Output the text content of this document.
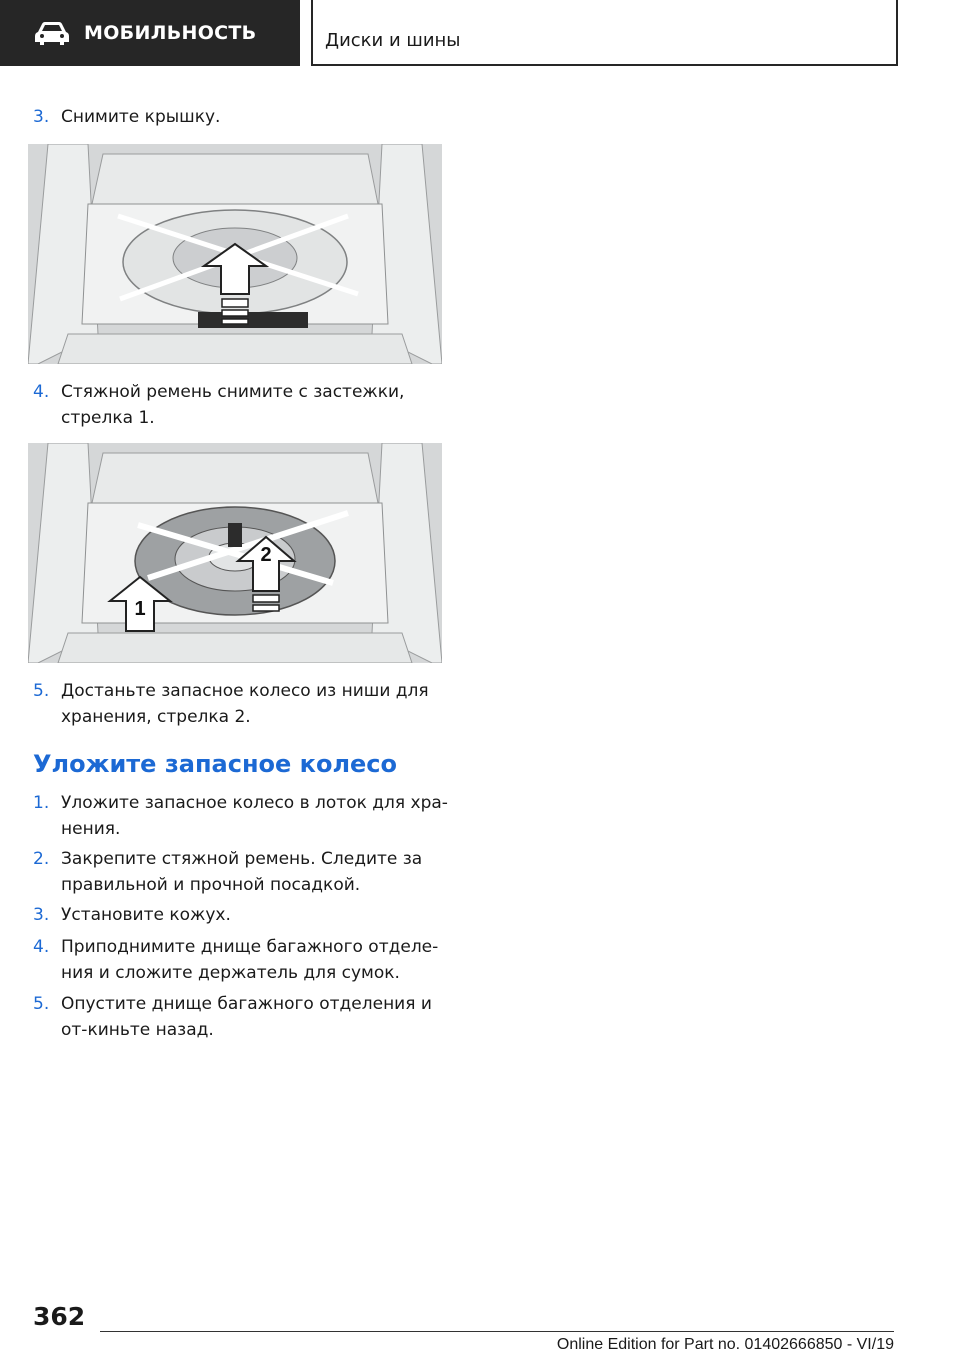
МОБИЛЬНОСТЬ	Диски и шины
3. Снимите крышку.
4. Стяжной ремень снимите с застежки, стрелка 1.
2
1
5. Достаньте запасное колесо из ниши для хранения, стрелка 2.
Уложите запасное колесо
1. Уложите запасное колесо в лоток для хра-нения.
2. Закрепите стяжной ремень. Следите за правильной и прочной посадкой.
3. Установите кожух.
4. Приподнимите днище багажного отделе-ния и сложите держатель для сумок.
5. Опустите днище багажного отделения и от-киньте назад.
362
Online Edition for Part no. 01402666850 - VI/19
